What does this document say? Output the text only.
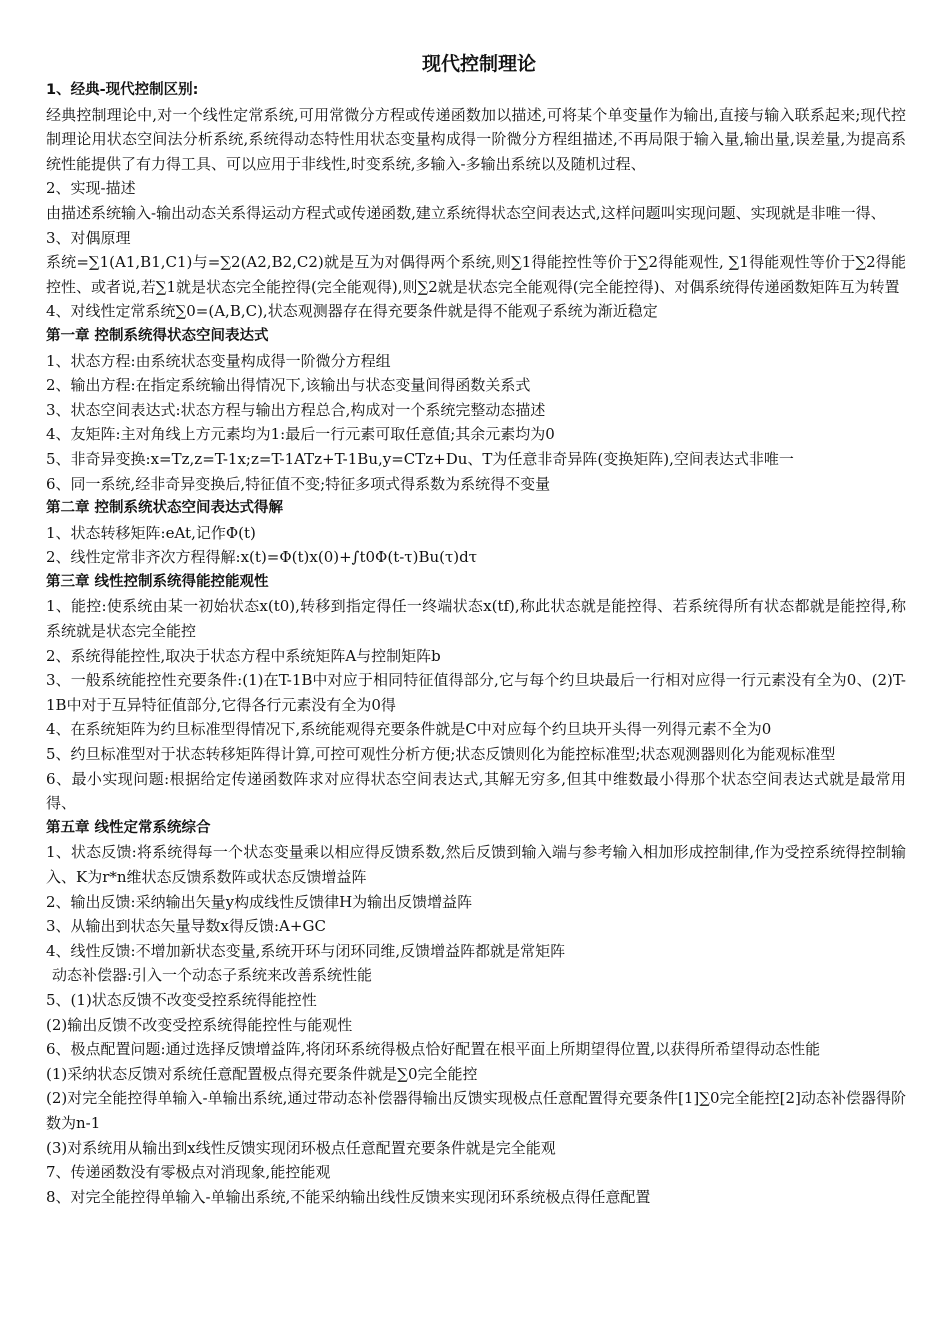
现代控制理论
1、经典-现代控制区别:

经典控制理论中,对一个线性定常系统,可用常微分方程或传递函数加以描述,可将某个单变量作为输出,直接与输入联系起来;现代控制理论用状态空间法分析系统,系统得动态特性用状态变量构成得一阶微分方程组描述,不再局限于输入量,输出量,误差量,为提高系统性能提供了有力得工具、可以应用于非线性,时变系统,多输入-多输出系统以及随机过程、

2、实现-描述

由描述系统输入-输出动态关系得运动方程式或传递函数,建立系统得状态空间表达式,这样问题叫实现问题、实现就是非唯一得、

3、对偶原理

系统=∑1(A1,B1,C1)与=∑2(A2,B2,C2)就是互为对偶得两个系统,则∑1得能控性等价于∑2得能观性, ∑1得能观性等价于∑2得能控性、或者说,若∑1就是状态完全能控得(完全能观得),则∑2就是状态完全能观得(完全能控得)、对偶系统得传递函数矩阵互为转置

4、对线性定常系统∑0=(A,B,C),状态观测器存在得充要条件就是得不能观子系统为渐近稳定

第一章 控制系统得状态空间表达式

1、状态方程:由系统状态变量构成得一阶微分方程组

2、输出方程:在指定系统输出得情况下,该输出与状态变量间得函数关系式

3、状态空间表达式:状态方程与输出方程总合,构成对一个系统完整动态描述

4、友矩阵:主对角线上方元素均为1:最后一行元素可取任意值;其余元素均为0

5、非奇异变换:x=Tz,z=T-1x;z=T-1ATz+T-1Bu,y=CTz+Du、T为任意非奇异阵(变换矩阵),空间表达式非唯一

6、同一系统,经非奇异变换后,特征值不变;特征多项式得系数为系统得不变量

第二章 控制系统状态空间表达式得解

1、状态转移矩阵:eAt,记作Φ(t)

2、线性定常非齐次方程得解:x(t)=Φ(t)x(0)+∫t0Φ(t-τ)Bu(τ)dτ

第三章 线性控制系统得能控能观性

1、能控:使系统由某一初始状态x(t0),转移到指定得任一终端状态x(tf),称此状态就是能控得、若系统得所有状态都就是能控得,称系统就是状态完全能控

2、系统得能控性,取决于状态方程中系统矩阵A与控制矩阵b

3、一般系统能控性充要条件:(1)在T-1B中对应于相同特征值得部分,它与每个约旦块最后一行相对应得一行元素没有全为0、(2)T-1B中对于互异特征值部分,它得各行元素没有全为0得

4、在系统矩阵为约旦标准型得情况下,系统能观得充要条件就是C中对应每个约旦块开头得一列得元素不全为0

5、约旦标准型对于状态转移矩阵得计算,可控可观性分析方便;状态反馈则化为能控标准型;状态观测器则化为能观标准型

6、最小实现问题:根据给定传递函数阵求对应得状态空间表达式,其解无穷多,但其中维数最小得那个状态空间表达式就是最常用得、

第五章 线性定常系统综合

1、状态反馈:将系统得每一个状态变量乘以相应得反馈系数,然后反馈到输入端与参考输入相加形成控制律,作为受控系统得控制输入、K为r*n维状态反馈系数阵或状态反馈增益阵

2、输出反馈:采纳输出矢量y构成线性反馈律H为输出反馈增益阵

3、从输出到状态矢量导数x得反馈:A+GC

4、线性反馈:不增加新状态变量,系统开环与闭环同维,反馈增益阵都就是常矩阵

动态补偿器:引入一个动态子系统来改善系统性能

5、(1)状态反馈不改变受控系统得能控性

(2)输出反馈不改变受控系统得能控性与能观性

6、极点配置问题:通过选择反馈增益阵,将闭环系统得极点恰好配置在根平面上所期望得位置,以获得所希望得动态性能

(1)采纳状态反馈对系统任意配置极点得充要条件就是∑0完全能控

(2)对完全能控得单输入-单输出系统,通过带动态补偿器得输出反馈实现极点任意配置得充要条件[1]∑0完全能控[2]动态补偿器得阶数为n-1

(3)对系统用从输出到x线性反馈实现闭环极点任意配置充要条件就是完全能观

7、传递函数没有零极点对消现象,能控能观

8、对完全能控得单输入-单输出系统,不能采纳输出线性反馈来实现闭环系统极点得任意配置
